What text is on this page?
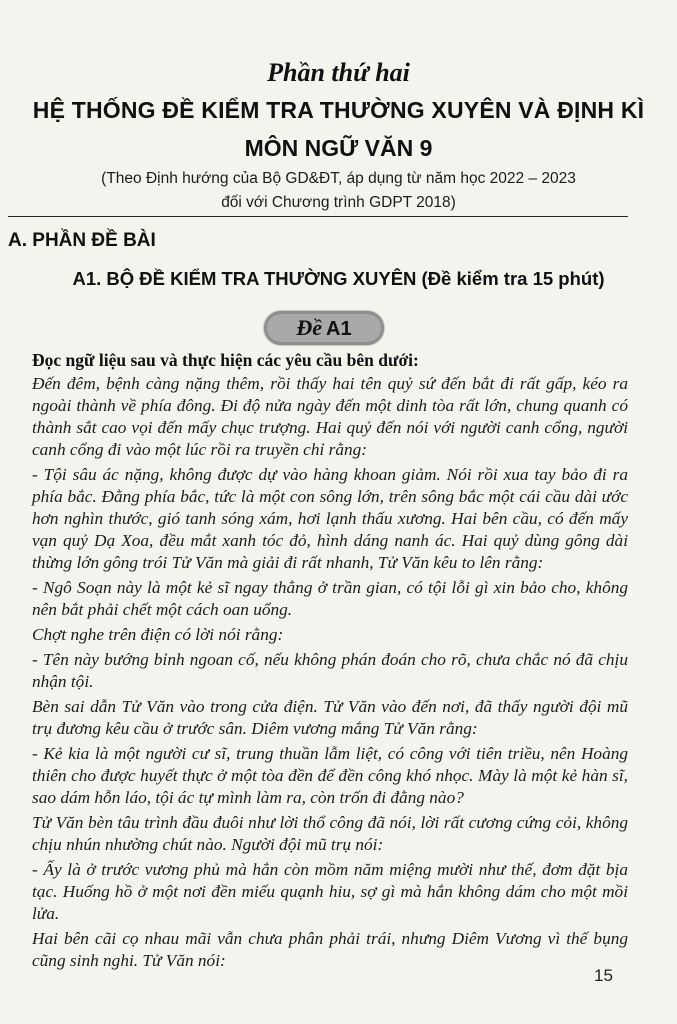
Phần thứ hai
HỆ THỐNG ĐỀ KIỂM TRA THƯỜNG XUYÊN VÀ ĐỊNH KÌ
MÔN NGỮ VĂN 9
(Theo Định hướng của Bộ GD&ĐT, áp dụng từ năm học 2022 – 2023
đối với Chương trình GDPT 2018)
A. PHẦN ĐỀ BÀI
A1. BỘ ĐỀ KIỂM TRA THƯỜNG XUYÊN (Đề kiểm tra 15 phút)
Đề A1
Đọc ngữ liệu sau và thực hiện các yêu cầu bên dưới:

Đến đêm, bệnh càng nặng thêm, rồi thấy hai tên quỷ sứ đến bắt đi rất gấp, kéo ra ngoài thành về phía đông. Đi độ nửa ngày đến một dinh tòa rất lớn, chung quanh có thành sắt cao vọi đến mấy chục trượng. Hai quỷ đến nói với người canh cổng, người canh cổng đi vào một lúc rồi ra truyền chỉ rằng:

- Tội sâu ác nặng, không được dự vào hàng khoan giảm. Nói rồi xua tay bảo đi ra phía bắc. Đằng phía bắc, tức là một con sông lớn, trên sông bắc một cái cầu dài ước hơn nghìn thước, gió tanh sóng xám, hơi lạnh thấu xương. Hai bên cầu, có đến mấy vạn quỷ Dạ Xoa, đều mắt xanh tóc đỏ, hình dáng nanh ác. Hai quỷ dùng gông dài thừng lớn gông trói Tử Văn mà giải đi rất nhanh, Tử Văn kêu to lên rằng:

- Ngô Soạn này là một kẻ sĩ ngay thẳng ở trần gian, có tội lỗi gì xin bảo cho, không nên bắt phải chết một cách oan uổng.

Chợt nghe trên điện có lời nói rằng:

- Tên này bướng bỉnh ngoan cố, nếu không phán đoán cho rõ, chưa chắc nó đã chịu nhận tội.

Bèn sai dẫn Tử Văn vào trong cửa điện. Tử Văn vào đến nơi, đã thấy người đội mũ trụ đương kêu cầu ở trước sân. Diêm vương mắng Tử Văn rằng:

- Kẻ kia là một người cư sĩ, trung thuần lẫm liệt, có công với tiên triều, nên Hoàng thiên cho được huyết thực ở một tòa đền để đền công khó nhọc. Mày là một kẻ hàn sĩ, sao dám hỗn láo, tội ác tự mình làm ra, còn trốn đi đằng nào?

Tử Văn bèn tâu trình đầu đuôi như lời thổ công đã nói, lời rất cương cứng cỏi, không chịu nhún nhường chút nào. Người đội mũ trụ nói:

- Ấy là ở trước vương phủ mà hắn còn mồm năm miệng mười như thế, đơm đặt bịa tạc. Huống hồ ở một nơi đền miếu quạnh hiu, sợ gì mà hắn không dám cho một mồi lửa.

Hai bên cãi cọ nhau mãi vẫn chưa phân phải trái, nhưng Diêm Vương vì thế bụng cũng sinh nghi. Tử Văn nói:

15
